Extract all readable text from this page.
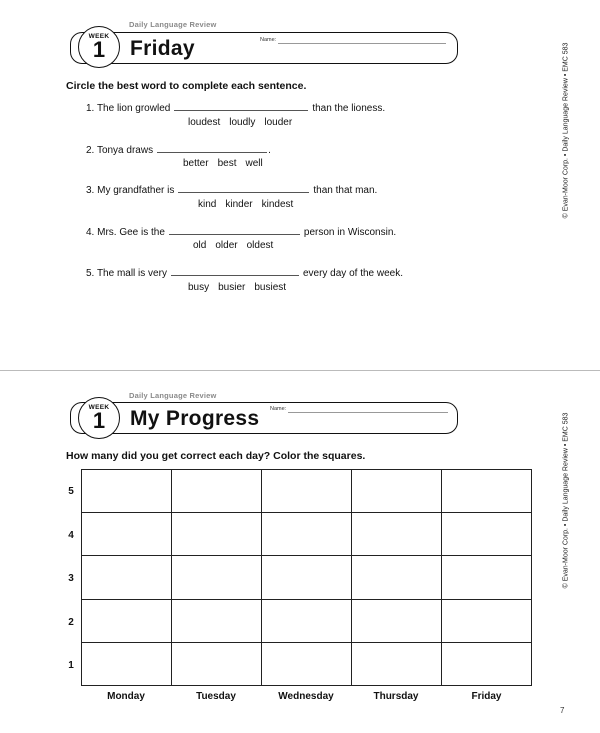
Daily Language Review
WEEK
1 Friday	Name:
Circle the best word to complete each sentence.
1. The lion growled	than the lioness.
loudest loudly louder
2. Tonya draws	.
better best well
3. My grandfather is	than that man.
kind kinder kindest
4. Mrs. Gee is the	person in Wisconsin.
old older oldest
5. The mall is very	every day of the week.
busy busier busiest
© Evan-Moor Corp. • Daily Language Review • EMC 583
Daily Language Review
WEEK
1 My Progress Name:
How many did you get correct each day? Color the squares.
5
4
3
2
1

Monday	Tuesday	Wednesday	Thursday	Friday
© Evan-Moor Corp. • Daily Language Review • EMC 583
7
